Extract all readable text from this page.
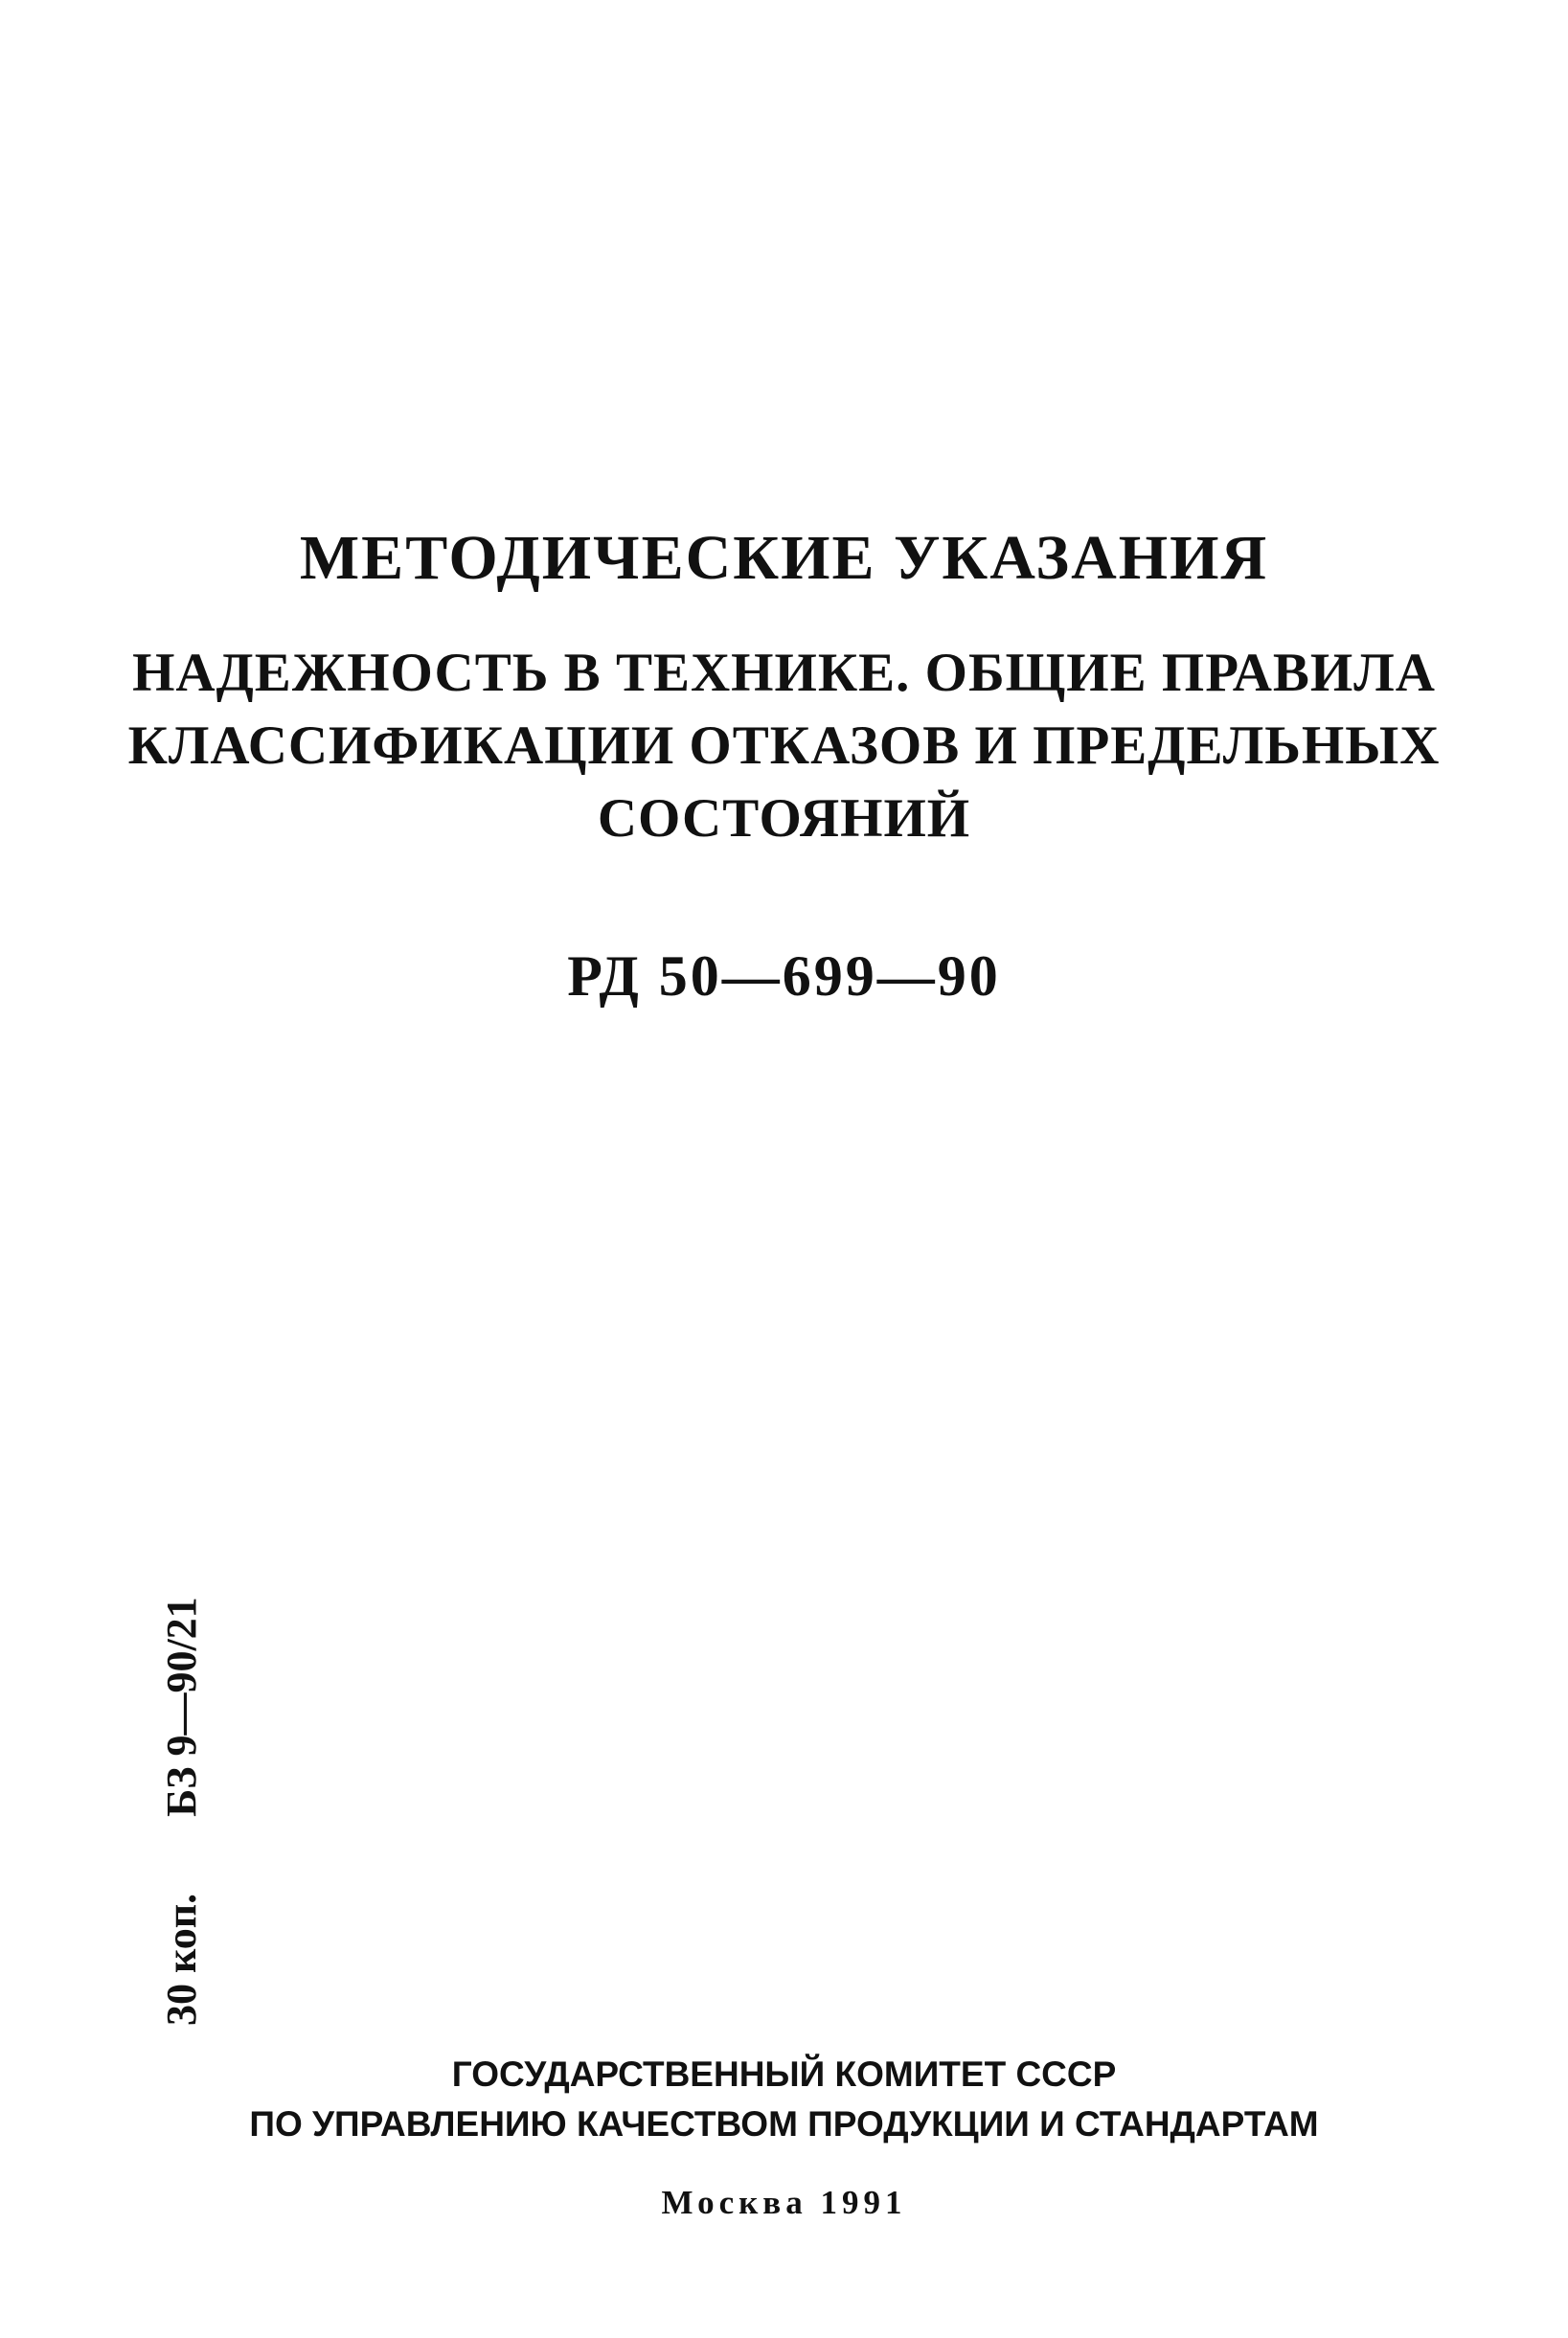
МЕТОДИЧЕСКИЕ УКАЗАНИЯ
НАДЕЖНОСТЬ В ТЕХНИКЕ. ОБЩИЕ ПРАВИЛА
КЛАССИФИКАЦИИ ОТКАЗОВ И ПРЕДЕЛЬНЫХ
СОСТОЯНИЙ
РД 50—699—90
30 коп.БЗ 9—90/21
ГОСУДАРСТВЕННЫЙ КОМИТЕТ СССР
ПО УПРАВЛЕНИЮ КАЧЕСТВОМ ПРОДУКЦИИ И СТАНДАРТАМ
Москва 1991
